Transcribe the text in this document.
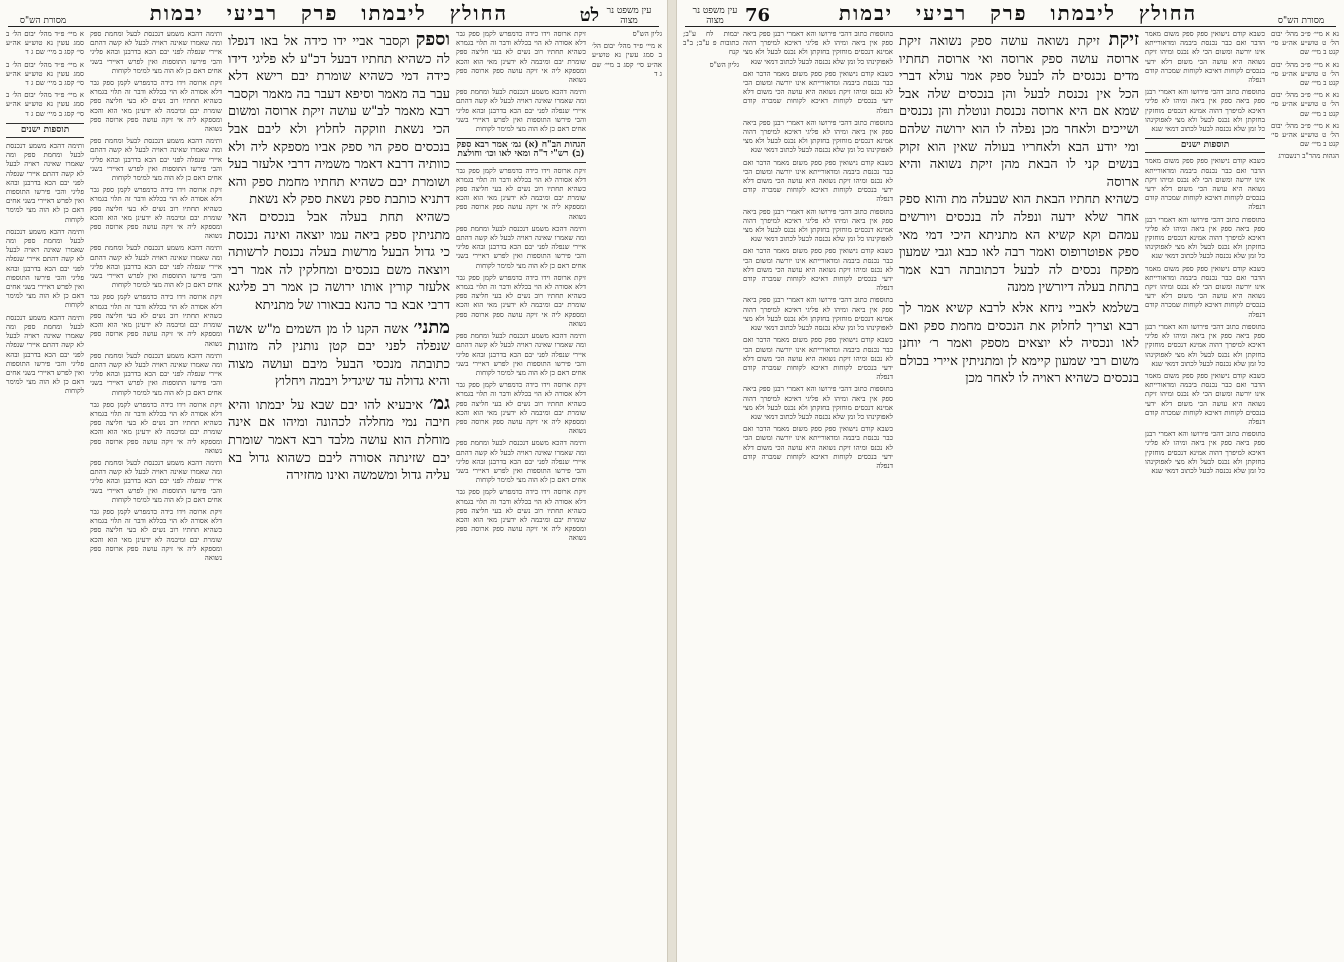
עין משפט נר מצוה
לט
החולץ ליבמתו פרק רביעי יבמות
מסורת הש"ס

א מיי׳ פ״ד מהל׳ יבום הל׳ ב סמג עשין נא טוש״ע אה״ע סי׳ קסג ב מיי׳ שם ג ד

א מיי׳ פ״ד מהל׳ יבום הל׳ ב סמג עשין נא טוש״ע אה״ע סי׳ קסג ב מיי׳ שם ג ד

א מיי׳ פ״ד מהל׳ יבום הל׳ ב סמג עשין נא טוש״ע אה״ע סי׳ קסג ב מיי׳ שם ג ד

תוספות ישנים

ותימה דהכא משמע דנכנסת לבעל ומחמת ספק ומה שאמרו שאינה ראויה לבעל לא קשה דהתם איירי שנפלה לפני יבם הכא בדרבנן ובהא פליגי והכי פירשו התוספות ואין לפרש דאיירי בשני אחים דאם כן לא הוה מצי למימר לקוחות

ותימה דהכא משמע דנכנסת לבעל ומחמת ספק ומה שאמרו שאינה ראויה לבעל לא קשה דהתם איירי שנפלה לפני יבם הכא בדרבנן ובהא פליגי והכי פירשו התוספות ואין לפרש דאיירי בשני אחים דאם כן לא הוה מצי למימר לקוחות

ותימה דהכא משמע דנכנסת לבעל ומחמת ספק ומה שאמרו שאינה ראויה לבעל לא קשה דהתם איירי שנפלה לפני יבם הכא בדרבנן ובהא פליגי והכי פירשו התוספות ואין לפרש דאיירי בשני אחים דאם כן לא הוה מצי למימר לקוחות

ותימה דהכא משמע דנכנסת לבעל ומחמת ספק ומה שאמרו שאינה ראויה לבעל לא קשה דהתם איירי שנפלה לפני יבם הכא בדרבנן ובהא פליגי והכי פירשו התוספות ואין לפרש דאיירי בשני אחים דאם כן לא הוה מצי למימר לקוחות

זיקת ארוסה וידו כידה כדמפרש לקמן ספק גבר דלא אסורה לא הוי בכללא ודבר זה תלוי בגמרא כשהיא תחתיו רוב נשים לא בעי חליצה ספק שומרת יבם ומיבמה לא ידעינן מאי הוא והכא ומספקא ליה אי זיקה עושה ספק ארוסה ספק נשואה

ותימה דהכא משמע דנכנסת לבעל ומחמת ספק ומה שאמרו שאינה ראויה לבעל לא קשה דהתם איירי שנפלה לפני יבם הכא בדרבנן ובהא פליגי והכי פירשו התוספות ואין לפרש דאיירי בשני אחים דאם כן לא הוה מצי למימר לקוחות

זיקת ארוסה וידו כידה כדמפרש לקמן ספק גבר דלא אסורה לא הוי בכללא ודבר זה תלוי בגמרא כשהיא תחתיו רוב נשים לא בעי חליצה ספק שומרת יבם ומיבמה לא ידעינן מאי הוא והכא ומספקא ליה אי זיקה עושה ספק ארוסה ספק נשואה

ותימה דהכא משמע דנכנסת לבעל ומחמת ספק ומה שאמרו שאינה ראויה לבעל לא קשה דהתם איירי שנפלה לפני יבם הכא בדרבנן ובהא פליגי והכי פירשו התוספות ואין לפרש דאיירי בשני אחים דאם כן לא הוה מצי למימר לקוחות

זיקת ארוסה וידו כידה כדמפרש לקמן ספק גבר דלא אסורה לא הוי בכללא ודבר זה תלוי בגמרא כשהיא תחתיו רוב נשים לא בעי חליצה ספק שומרת יבם ומיבמה לא ידעינן מאי הוא והכא ומספקא ליה אי זיקה עושה ספק ארוסה ספק נשואה

ותימה דהכא משמע דנכנסת לבעל ומחמת ספק ומה שאמרו שאינה ראויה לבעל לא קשה דהתם איירי שנפלה לפני יבם הכא בדרבנן ובהא פליגי והכי פירשו התוספות ואין לפרש דאיירי בשני אחים דאם כן לא הוה מצי למימר לקוחות

זיקת ארוסה וידו כידה כדמפרש לקמן ספק גבר דלא אסורה לא הוי בכללא ודבר זה תלוי בגמרא כשהיא תחתיו רוב נשים לא בעי חליצה ספק שומרת יבם ומיבמה לא ידעינן מאי הוא והכא ומספקא ליה אי זיקה עושה ספק ארוסה ספק נשואה

ותימה דהכא משמע דנכנסת לבעל ומחמת ספק ומה שאמרו שאינה ראויה לבעל לא קשה דהתם איירי שנפלה לפני יבם הכא בדרבנן ובהא פליגי והכי פירשו התוספות ואין לפרש דאיירי בשני אחים דאם כן לא הוה מצי למימר לקוחות

זיקת ארוסה וידו כידה כדמפרש לקמן ספק גבר דלא אסורה לא הוי בכללא ודבר זה תלוי בגמרא כשהיא תחתיו רוב נשים לא בעי חליצה ספק שומרת יבם ומיבמה לא ידעינן מאי הוא והכא ומספקא ליה אי זיקה עושה ספק ארוסה ספק נשואה

וספק וקסבר אביי ידו כידה אל באו דנפלו לה כשהיא תחתיו דבעל דכ"ע לא פליגי דידו כידה דמי כשהיא שומרת יבם רישא דלא עבר בה מאמר וסיפא דעבר בה מאמר וקסבר רבא מאמר לב"ש עושה זיקת ארוסה ומשום הכי נשאת וזוקקה לחלוץ ולא ליבם אבל בנכסים ספק הוי ספק אביו מספקא ליה ולא כוותיה דרבא דאמר משמיה דרבי אלעזר בעל ושומרת יבם כשהיא תחתיו מחמת ספק והא דתניא כותבת ספק נשאת ספק לא נשאת

כשהיא תחת בעלה אבל בנכסים האי מתניתין ספק ביאה עמו יוצאה ואינה נכנסת כי גדול הבעל מרשות בעלה נכנסת לרשותה ויוצאה משם בנכסים ומחלקין לה אמר רבי אלעזר קורין אותו ירושה כן אמר רב פליגא דרבי אבא בר כהנא בבאורו של מתניתא

מתני׳ אשה הקנו לו מן השמים מ"ש אשה שנפלה לפני יבם קטן נותנין לה מזונות כתובתה מנכסי הבעל מיבם ועושה מצוה והיא גדולה עד שיגדיל ויבמה ויחלוץ

גמ׳ איבעיא להו יבם שבא על יבמתו והיא חיבה נמי מחללה לכהונה ומיהו אם אינה מוחלת הוא עושה מלבד רבא דאמר שומרת יבם שזינתה אסורה ליבם כשהוא גדול בא עליה גדול ומשמשה ואינו מחזירה

זיקת ארוסה וידו כידה כדמפרש לקמן ספק גבר דלא אסורה לא הוי בכללא ודבר זה תלוי בגמרא כשהיא תחתיו רוב נשים לא בעי חליצה ספק שומרת יבם ומיבמה לא ידעינן מאי הוא והכא ומספקא ליה אי זיקה עושה ספק ארוסה ספק נשואה

ותימה דהכא משמע דנכנסת לבעל ומחמת ספק ומה שאמרו שאינה ראויה לבעל לא קשה דהתם איירי שנפלה לפני יבם הכא בדרבנן ובהא פליגי והכי פירשו התוספות ואין לפרש דאיירי בשני אחים דאם כן לא הוה מצי למימר לקוחות

הגהות הב"ח (א) גמ׳ אמר רבא ספק (ב) רש"י ד"ה ומאי לאו וכו׳ וחולצת

זיקת ארוסה וידו כידה כדמפרש לקמן ספק גבר דלא אסורה לא הוי בכללא ודבר זה תלוי בגמרא כשהיא תחתיו רוב נשים לא בעי חליצה ספק שומרת יבם ומיבמה לא ידעינן מאי הוא והכא ומספקא ליה אי זיקה עושה ספק ארוסה ספק נשואה

ותימה דהכא משמע דנכנסת לבעל ומחמת ספק ומה שאמרו שאינה ראויה לבעל לא קשה דהתם איירי שנפלה לפני יבם הכא בדרבנן ובהא פליגי והכי פירשו התוספות ואין לפרש דאיירי בשני אחים דאם כן לא הוה מצי למימר לקוחות

זיקת ארוסה וידו כידה כדמפרש לקמן ספק גבר דלא אסורה לא הוי בכללא ודבר זה תלוי בגמרא כשהיא תחתיו רוב נשים לא בעי חליצה ספק שומרת יבם ומיבמה לא ידעינן מאי הוא והכא ומספקא ליה אי זיקה עושה ספק ארוסה ספק נשואה

ותימה דהכא משמע דנכנסת לבעל ומחמת ספק ומה שאמרו שאינה ראויה לבעל לא קשה דהתם איירי שנפלה לפני יבם הכא בדרבנן ובהא פליגי והכי פירשו התוספות ואין לפרש דאיירי בשני אחים דאם כן לא הוה מצי למימר לקוחות

זיקת ארוסה וידו כידה כדמפרש לקמן ספק גבר דלא אסורה לא הוי בכללא ודבר זה תלוי בגמרא כשהיא תחתיו רוב נשים לא בעי חליצה ספק שומרת יבם ומיבמה לא ידעינן מאי הוא והכא ומספקא ליה אי זיקה עושה ספק ארוסה ספק נשואה

ותימה דהכא משמע דנכנסת לבעל ומחמת ספק ומה שאמרו שאינה ראויה לבעל לא קשה דהתם איירי שנפלה לפני יבם הכא בדרבנן ובהא פליגי והכי פירשו התוספות ואין לפרש דאיירי בשני אחים דאם כן לא הוה מצי למימר לקוחות

זיקת ארוסה וידו כידה כדמפרש לקמן ספק גבר דלא אסורה לא הוי בכללא ודבר זה תלוי בגמרא כשהיא תחתיו רוב נשים לא בעי חליצה ספק שומרת יבם ומיבמה לא ידעינן מאי הוא והכא ומספקא ליה אי זיקה עושה ספק ארוסה ספק נשואה

גליון הש"ס

א מיי׳ פ״ד מהל׳ יבום הל׳ ב סמג עשין נא טוש״ע אה״ע סי׳ קסג ב מיי׳ שם ג ד

מסורת הש"ס
החולץ ליבמתו פרק רביעי יבמות
76
עין משפט נר מצוה

יבמות לח ע"ב; כתובות פ ע"ב; ב"ב קנח

גליון הש"ס

בתוספות כתוב דהכי פירושו והא דאמרי רבנן ספק ביאה ספק אין ביאה ומיהו לא פליגי דאיכא למיפרך דהוה אמינא דנכסים מוחזקין בחזקתן ולא נכנס לבעל ולא מצי לאפוקינהו כל זמן שלא נכנסה לבעל לכתוב דמאי שנא

כשבא קודם נישואין ספק ספק משום מאמר הדבר ואם כבר נכנסת ביבמה ומדאורייתא אינו יורשה ומשום הכי לא נכנס ומיהו זיקת נשואה היא עושה הכי משום דלא ידעי בנכסים לקוחות דאיכא לקוחות שמכרה קודם דנפלה

בתוספות כתוב דהכי פירושו והא דאמרי רבנן ספק ביאה ספק אין ביאה ומיהו לא פליגי דאיכא למיפרך דהוה אמינא דנכסים מוחזקין בחזקתן ולא נכנס לבעל ולא מצי לאפוקינהו כל זמן שלא נכנסה לבעל לכתוב דמאי שנא

כשבא קודם נישואין ספק ספק משום מאמר הדבר ואם כבר נכנסת ביבמה ומדאורייתא אינו יורשה ומשום הכי לא נכנס ומיהו זיקת נשואה היא עושה הכי משום דלא ידעי בנכסים לקוחות דאיכא לקוחות שמכרה קודם דנפלה

בתוספות כתוב דהכי פירושו והא דאמרי רבנן ספק ביאה ספק אין ביאה ומיהו לא פליגי דאיכא למיפרך דהוה אמינא דנכסים מוחזקין בחזקתן ולא נכנס לבעל ולא מצי לאפוקינהו כל זמן שלא נכנסה לבעל לכתוב דמאי שנא

כשבא קודם נישואין ספק ספק משום מאמר הדבר ואם כבר נכנסת ביבמה ומדאורייתא אינו יורשה ומשום הכי לא נכנס ומיהו זיקת נשואה היא עושה הכי משום דלא ידעי בנכסים לקוחות דאיכא לקוחות שמכרה קודם דנפלה

בתוספות כתוב דהכי פירושו והא דאמרי רבנן ספק ביאה ספק אין ביאה ומיהו לא פליגי דאיכא למיפרך דהוה אמינא דנכסים מוחזקין בחזקתן ולא נכנס לבעל ולא מצי לאפוקינהו כל זמן שלא נכנסה לבעל לכתוב דמאי שנא

כשבא קודם נישואין ספק ספק משום מאמר הדבר ואם כבר נכנסת ביבמה ומדאורייתא אינו יורשה ומשום הכי לא נכנס ומיהו זיקת נשואה היא עושה הכי משום דלא ידעי בנכסים לקוחות דאיכא לקוחות שמכרה קודם דנפלה

בתוספות כתוב דהכי פירושו והא דאמרי רבנן ספק ביאה ספק אין ביאה ומיהו לא פליגי דאיכא למיפרך דהוה אמינא דנכסים מוחזקין בחזקתן ולא נכנס לבעל ולא מצי לאפוקינהו כל זמן שלא נכנסה לבעל לכתוב דמאי שנא

כשבא קודם נישואין ספק ספק משום מאמר הדבר ואם כבר נכנסת ביבמה ומדאורייתא אינו יורשה ומשום הכי לא נכנס ומיהו זיקת נשואה היא עושה הכי משום דלא ידעי בנכסים לקוחות דאיכא לקוחות שמכרה קודם דנפלה

זיקת זיקת נשואה עושה ספק נשואה זיקת ארוסה עושה ספק ארוסה ואי ארוסה תחתיו מדים נכנסים לה לבעל ספק אמר עולא דברי הכל אין נכנסת לבעל והן בנכסים שלה אבל שמא אם היא ארוסה נכנסת ונוטלת והן נכנסים ושייכים ולאחר מכן נפלה לו הוא ירושה שלהם ומי יודע הבא ולאחריו בעולה שאין הוא זקוק בנשים קני לו הבאת מהן זיקת נשואה והיא ארוסה

כשהיא תחתיו הבאת הוא שבעלה מת והוא ספק אחר שלא ידעה ונפלה לה בנכסים ויורשים עמהם וקא קשיא הא מתניתא היכי דמי מאי ספק אפוטרופוס ואמר רבה לאו כבא וגבי שמעון מפקח נכסים לה לבעל דכתובתה רבא אמר בתחת בעלה דיורשין ממנה

בשלמא לאביי ניחא אלא לרבא קשיא אמר לך רבא וצריך לחלוק את הנכסים מחמת ספק ואם לאו ונכסיה לא יוצאים מספק ואמר ר׳ יוחנן משום רבי שמעון קיימא לן ומתניתין איירי בכולם בנכסים כשהיא ראויה לו לאחר מכן

כשבא קודם נישואין ספק ספק משום מאמר הדבר ואם כבר נכנסת ביבמה ומדאורייתא אינו יורשה ומשום הכי לא נכנס ומיהו זיקת נשואה היא עושה הכי משום דלא ידעי בנכסים לקוחות דאיכא לקוחות שמכרה קודם דנפלה

בתוספות כתוב דהכי פירושו והא דאמרי רבנן ספק ביאה ספק אין ביאה ומיהו לא פליגי דאיכא למיפרך דהוה אמינא דנכסים מוחזקין בחזקתן ולא נכנס לבעל ולא מצי לאפוקינהו כל זמן שלא נכנסה לבעל לכתוב דמאי שנא

תוספות ישנים

כשבא קודם נישואין ספק ספק משום מאמר הדבר ואם כבר נכנסת ביבמה ומדאורייתא אינו יורשה ומשום הכי לא נכנס ומיהו זיקת נשואה היא עושה הכי משום דלא ידעי בנכסים לקוחות דאיכא לקוחות שמכרה קודם דנפלה

בתוספות כתוב דהכי פירושו והא דאמרי רבנן ספק ביאה ספק אין ביאה ומיהו לא פליגי דאיכא למיפרך דהוה אמינא דנכסים מוחזקין בחזקתן ולא נכנס לבעל ולא מצי לאפוקינהו כל זמן שלא נכנסה לבעל לכתוב דמאי שנא

כשבא קודם נישואין ספק ספק משום מאמר הדבר ואם כבר נכנסת ביבמה ומדאורייתא אינו יורשה ומשום הכי לא נכנס ומיהו זיקת נשואה היא עושה הכי משום דלא ידעי בנכסים לקוחות דאיכא לקוחות שמכרה קודם דנפלה

בתוספות כתוב דהכי פירושו והא דאמרי רבנן ספק ביאה ספק אין ביאה ומיהו לא פליגי דאיכא למיפרך דהוה אמינא דנכסים מוחזקין בחזקתן ולא נכנס לבעל ולא מצי לאפוקינהו כל זמן שלא נכנסה לבעל לכתוב דמאי שנא

כשבא קודם נישואין ספק ספק משום מאמר הדבר ואם כבר נכנסת ביבמה ומדאורייתא אינו יורשה ומשום הכי לא נכנס ומיהו זיקת נשואה היא עושה הכי משום דלא ידעי בנכסים לקוחות דאיכא לקוחות שמכרה קודם דנפלה

בתוספות כתוב דהכי פירושו והא דאמרי רבנן ספק ביאה ספק אין ביאה ומיהו לא פליגי דאיכא למיפרך דהוה אמינא דנכסים מוחזקין בחזקתן ולא נכנס לבעל ולא מצי לאפוקינהו כל זמן שלא נכנסה לבעל לכתוב דמאי שנא

נא א מיי׳ פ״ב מהל׳ יבום הל׳ ט טוש״ע אה״ע סי׳ קנט ב מיי׳ שם

נא א מיי׳ פ״ב מהל׳ יבום הל׳ ט טוש״ע אה״ע סי׳ קנט ב מיי׳ שם

נא א מיי׳ פ״ב מהל׳ יבום הל׳ ט טוש״ע אה״ע סי׳ קנט ב מיי׳ שם

נא א מיי׳ פ״ב מהל׳ יבום הל׳ ט טוש״ע אה״ע סי׳ קנט ב מיי׳ שם

הגהות מהר"ב רנשבורג
